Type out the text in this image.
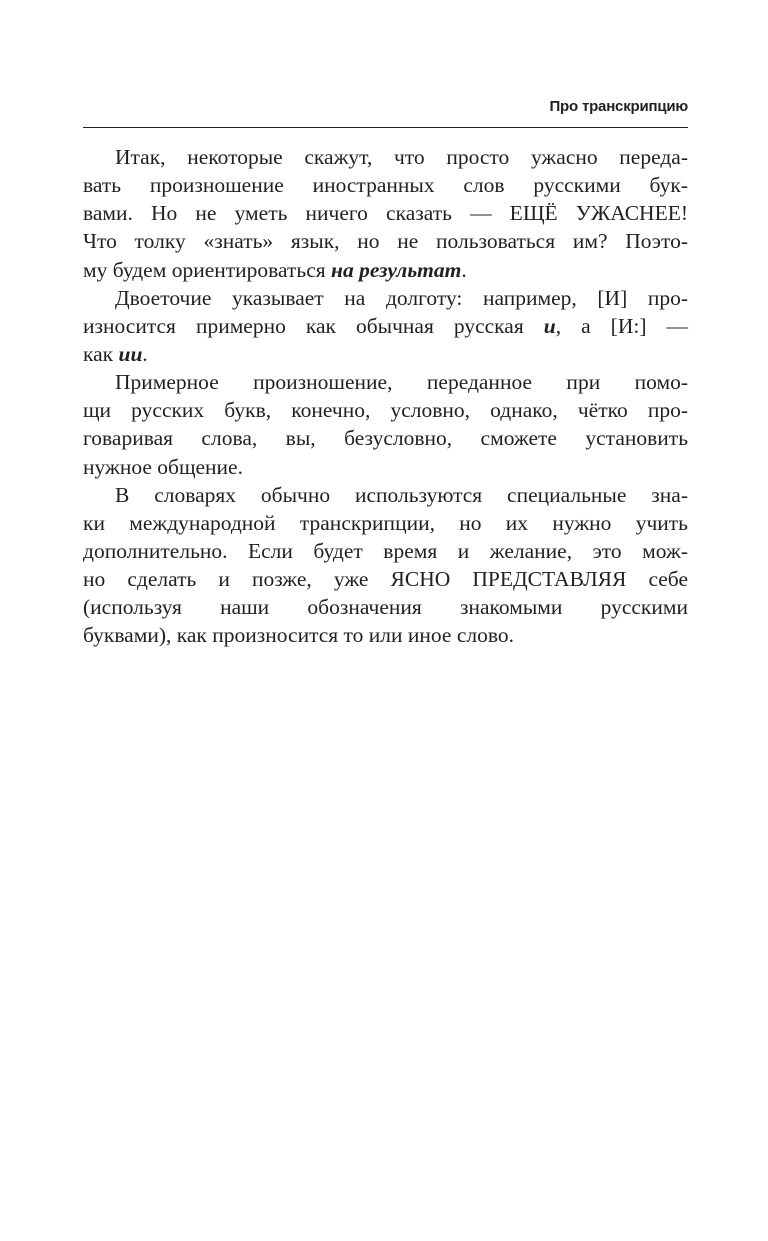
Про транскрипцию
Итак, некоторые скажут, что просто ужасно переда-
вать произношение иностранных слов русскими бук-
вами. Но не уметь ничего сказать — ЕЩЁ УЖАСНЕЕ!
Что толку «знать» язык, но не пользоваться им? Поэто-
му будем ориентироваться на результат.
Двоеточие указывает на долготу: например, [И] про-
износится примерно как обычная русская и, а [И:] —
как ии.
Примерное произношение, переданное при помо-
щи русских букв, конечно, условно, однако, чётко про-
говаривая слова, вы, безусловно, сможете установить
нужное общение.
В словарях обычно используются специальные зна-
ки международной транскрипции, но их нужно учить
дополнительно. Если будет время и желание, это мож-
но сделать и позже, уже ЯСНО ПРЕДСТАВЛЯЯ себе
(используя наши обозначения знакомыми русскими
буквами), как произносится то или иное слово.
